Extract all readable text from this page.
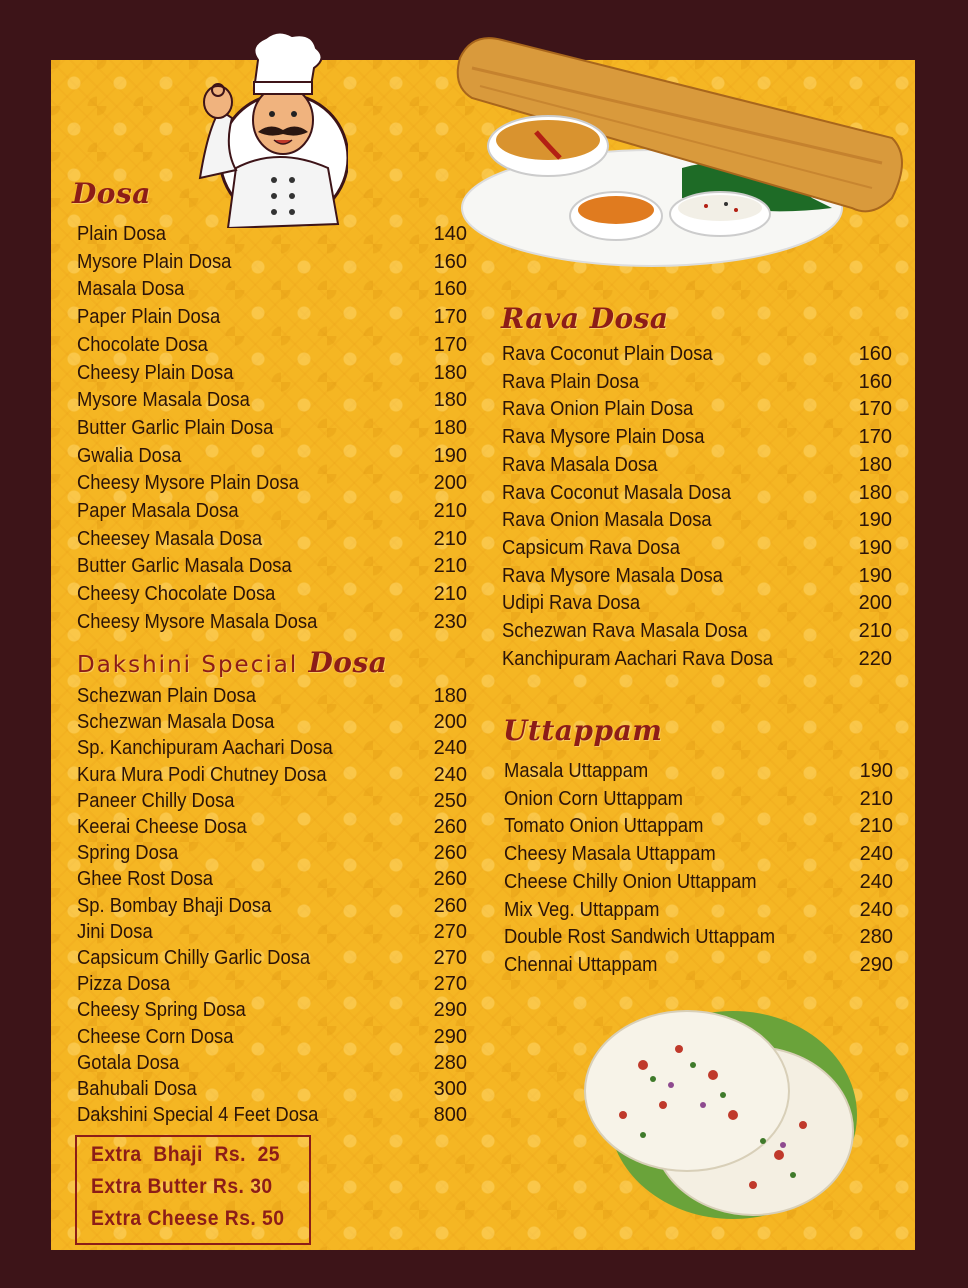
Dosa
Plain Dosa	140
Mysore Plain Dosa	160
Masala Dosa	160
Paper Plain Dosa	170
Chocolate Dosa	170
Cheesy Plain Dosa	180
Mysore Masala Dosa	180
Butter Garlic Plain Dosa	180
Gwalia Dosa	190
Cheesy Mysore Plain Dosa	200
Paper Masala Dosa	210
Cheesey Masala Dosa	210
Butter Garlic Masala Dosa	210
Cheesy Chocolate Dosa	210
Cheesy Mysore Masala Dosa	230
Dakshini Special Dosa
Schezwan Plain Dosa	180
Schezwan Masala Dosa	200
Sp. Kanchipuram Aachari Dosa	240
Kura Mura Podi Chutney Dosa	240
Paneer Chilly Dosa	250
Keerai Cheese Dosa	260
Spring Dosa	260
Ghee Rost Dosa	260
Sp. Bombay Bhaji Dosa	260
Jini Dosa	270
Capsicum Chilly Garlic Dosa	270
Pizza Dosa	270
Cheesy Spring Dosa	290
Cheese Corn Dosa	290
Gotala Dosa	280
Bahubali Dosa	300
Dakshini Special 4 Feet Dosa	800
Rava Dosa
Rava Coconut Plain Dosa	160
Rava Plain Dosa	160
Rava Onion Plain Dosa	170
Rava Mysore Plain Dosa	170
Rava Masala Dosa	180
Rava Coconut Masala Dosa	180
Rava Onion Masala Dosa	190
Capsicum Rava Dosa	190
Rava Mysore Masala Dosa	190
Udipi Rava Dosa	200
Schezwan Rava Masala Dosa	210
Kanchipuram Aachari Rava Dosa	220
Uttappam
Masala Uttappam	190
Onion Corn Uttappam	210
Tomato Onion Uttappam	210
Cheesy Masala Uttappam	240
Cheese Chilly Onion Uttappam	240
Mix Veg. Uttappam	240
Double Rost Sandwich Uttappam	280
Chennai Uttappam	290
Extra  Bhaji  Rs.  25
Extra Butter Rs. 30
Extra Cheese Rs. 50
